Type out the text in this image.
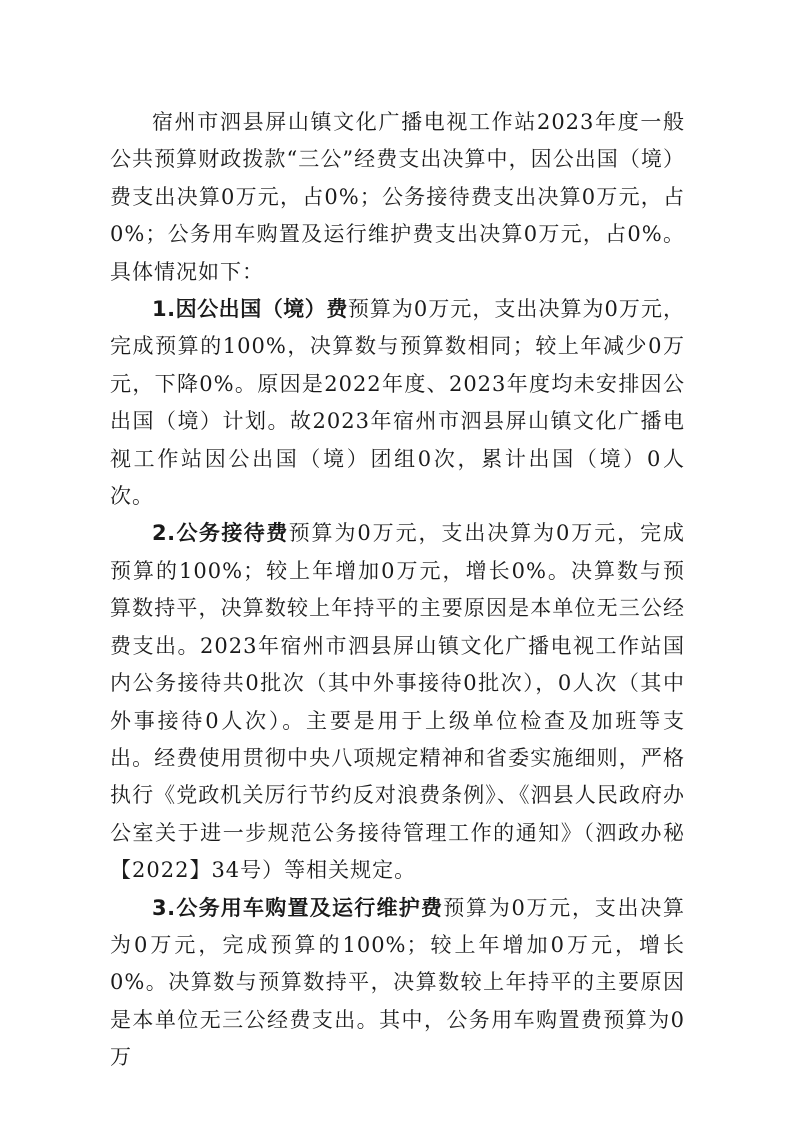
宿州市泗县屏山镇文化广播电视工作站2023年度一般公共预算财政拨款“三公”经费支出决算中，因公出国（境）费支出决算0万元，占0%；公务接待费支出决算0万元，占0%；公务用车购置及运行维护费支出决算0万元，占0%。具体情况如下：

1.因公出国（境）费预算为0万元，支出决算为0万元，完成预算的100%，决算数与预算数相同；较上年减少0万元，下降0%。原因是2022年度、2023年度均未安排因公出国（境）计划。故2023年宿州市泗县屏山镇文化广播电视工作站因公出国（境）团组0次，累计出国（境）0人次。

2.公务接待费预算为0万元，支出决算为0万元，完成预算的100%；较上年增加0万元，增长0%。决算数与预算数持平，决算数较上年持平的主要原因是本单位无三公经费支出。2023年宿州市泗县屏山镇文化广播电视工作站国内公务接待共0批次（其中外事接待0批次），0人次（其中外事接待0人次）。主要是用于上级单位检查及加班等支出。经费使用贯彻中央八项规定精神和省委实施细则，严格执行《党政机关厉行节约反对浪费条例》、《泗县人民政府办公室关于进一步规范公务接待管理工作的通知》（泗政办秘【2022】34号）等相关规定。

3.公务用车购置及运行维护费预算为0万元，支出决算为0万元，完成预算的100%；较上年增加0万元，增长0%。决算数与预算数持平，决算数较上年持平的主要原因是本单位无三公经费支出。其中，公务用车购置费预算为0万
